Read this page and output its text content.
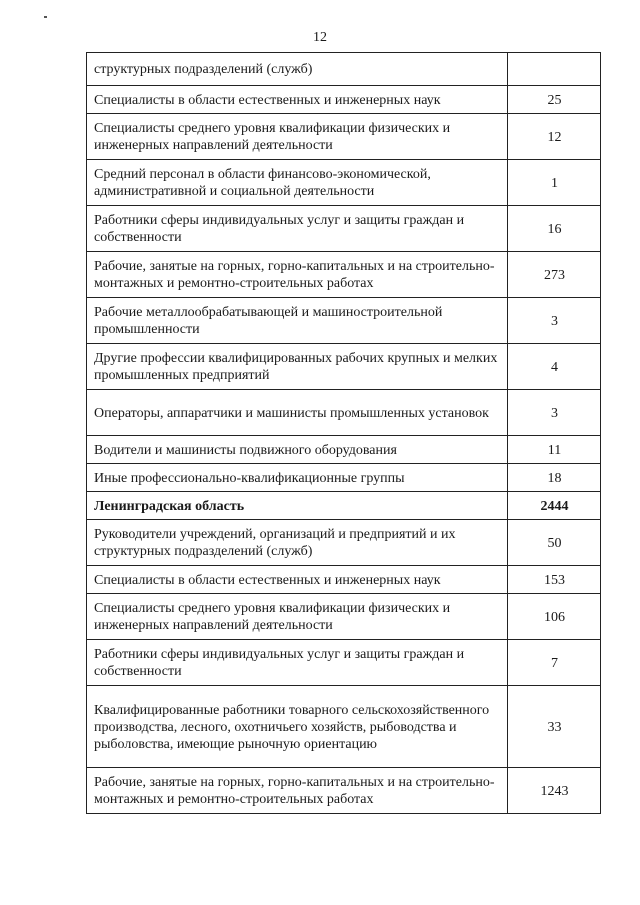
12
структурных подразделений (служб)	
Специалисты в области естественных и инженерных наук	25
Специалисты среднего уровня квалификации физических и инженерных направлений деятельности	12
Средний персонал в области финансово-экономической, административной и социальной деятельности	1
Работники сферы индивидуальных услуг и защиты граждан и собственности	16
Рабочие, занятые на горных, горно-капитальных и на строительно-монтажных и ремонтно-строительных работах	273
Рабочие металлообрабатывающей и машиностроительной промышленности	3
Другие профессии квалифицированных рабочих крупных и мелких промышленных предприятий	4
Операторы, аппаратчики и машинисты промышленных установок	3
Водители и машинисты подвижного оборудования	11
Иные профессионально-квалификационные группы	18
Ленинградская область	2444
Руководители учреждений, организаций и предприятий и их структурных подразделений (служб)	50
Специалисты в области естественных и инженерных наук	153
Специалисты среднего уровня квалификации физических и инженерных направлений деятельности	106
Работники сферы индивидуальных услуг и защиты граждан и собственности	7
Квалифицированные работники товарного сельскохозяйственного производства, лесного, охотничьего хозяйств, рыбоводства и рыболовства, имеющие рыночную ориентацию	33
Рабочие, занятые на горных, горно-капитальных и на строительно-монтажных и ремонтно-строительных работах	1243
